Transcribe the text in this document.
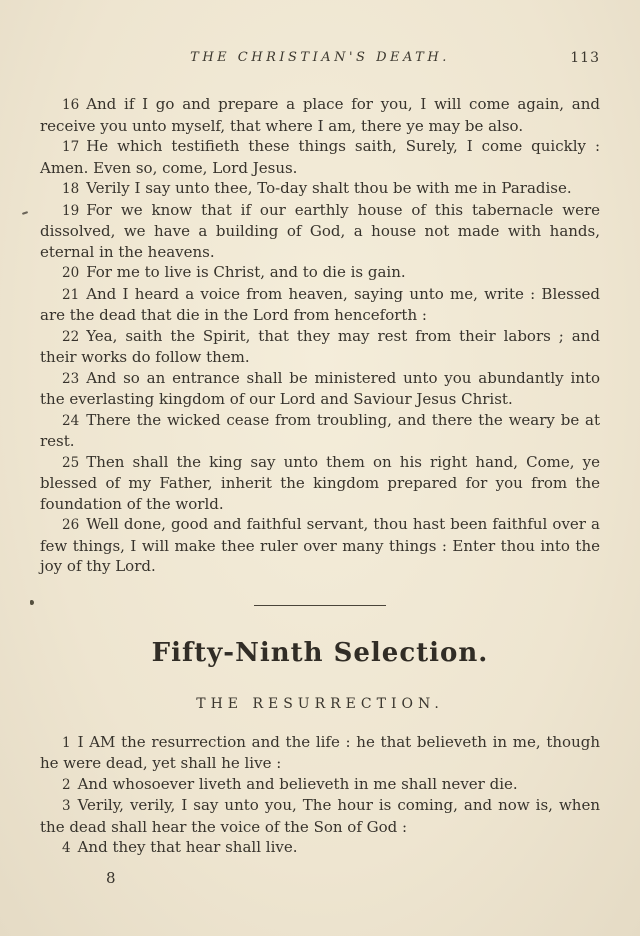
THE CHRISTIAN'S DEATH.	113

16 And if I go and prepare a place for you, I will come again, and receive you unto myself, that where I am, there ye may be also.

17 He which testifieth these things saith, Surely, I come quickly : Amen. Even so, come, Lord Jesus.

18 Verily I say unto thee, To-day shalt thou be with me in Paradise.

19 For we know that if our earthly house of this tabernacle were dissolved, we have a building of God, a house not made with hands, eternal in the heavens.

20 For me to live is Christ, and to die is gain.

21 And I heard a voice from heaven, saying unto me, write : Blessed are the dead that die in the Lord from henceforth :

22 Yea, saith the Spirit, that they may rest from their labors ; and their works do follow them.

23 And so an entrance shall be ministered unto you abundantly into the everlasting kingdom of our Lord and Saviour Jesus Christ.

24 There the wicked cease from troubling, and there the weary be at rest.

25 Then shall the king say unto them on his right hand, Come, ye blessed of my Father, inherit the kingdom prepared for you from the foundation of the world.

26 Well done, good and faithful servant, thou hast been faithful over a few things, I will make thee ruler over many things : Enter thou into the joy of thy Lord.

Fifty-Ninth Selection.
THE RESURRECTION.

1 I AM the resurrection and the life : he that believeth in me, though he were dead, yet shall he live :

2 And whosoever liveth and believeth in me shall never die.

3 Verily, verily, I say unto you, The hour is coming, and now is, when the dead shall hear the voice of the Son of God :

4 And they that hear shall live.

8
